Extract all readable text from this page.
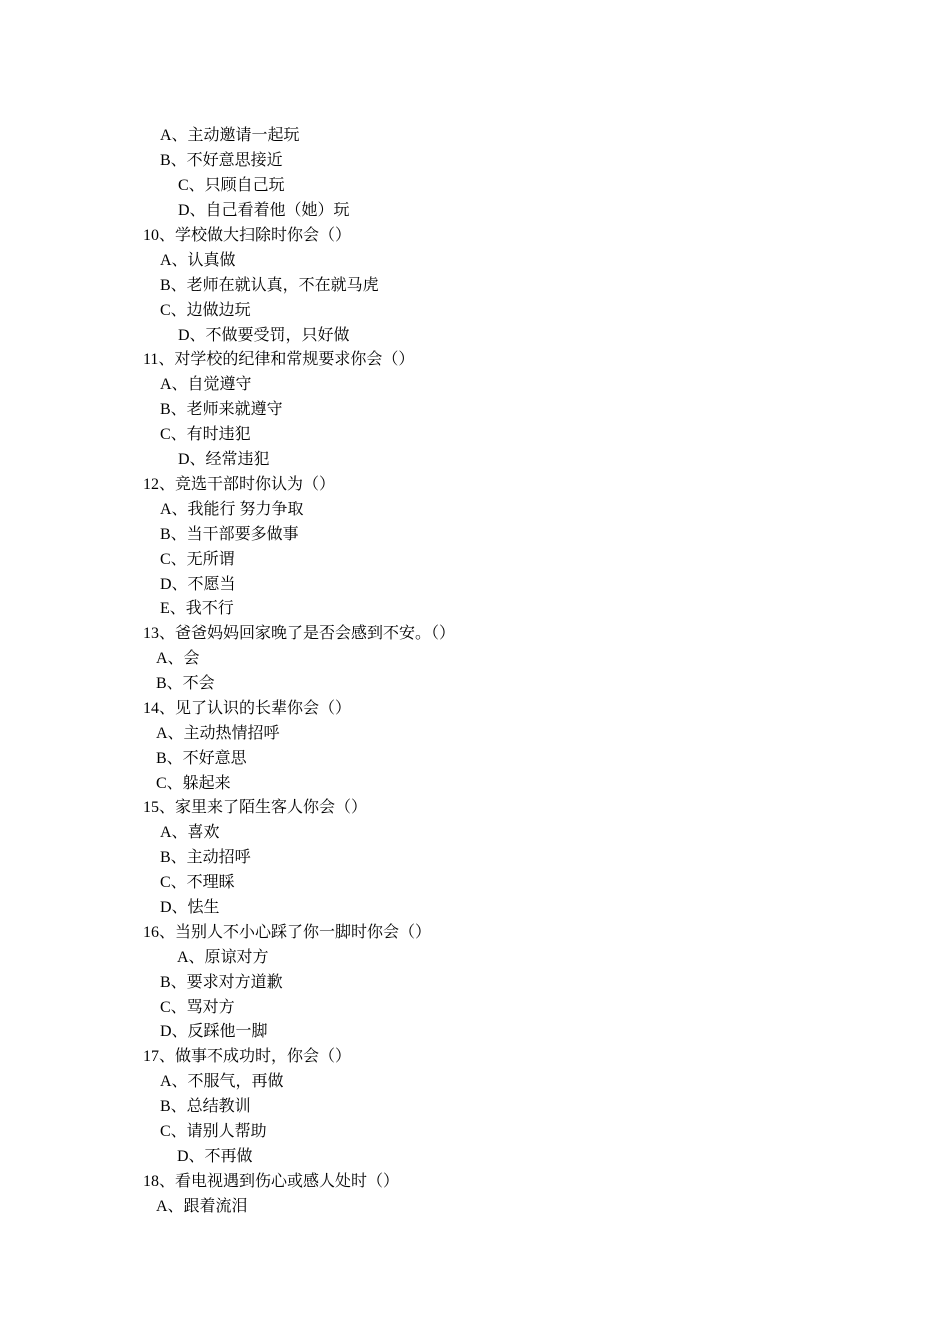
A、主动邀请一起玩
B、不好意思接近
C、只顾自己玩
D、自己看着他（她）玩
10、学校做大扫除时你会（）
A、认真做
B、老师在就认真，不在就马虎
C、边做边玩
D、不做要受罚，只好做
11、对学校的纪律和常规要求你会（）
A、自觉遵守
B、老师来就遵守
C、有时违犯
D、经常违犯
12、竞选干部时你认为（）
A、我能行 努力争取
B、当干部要多做事
C、无所谓
D、不愿当
E、我不行
13、爸爸妈妈回家晚了是否会感到不安。（）
A、会
B、不会
14、见了认识的长辈你会（）
A、主动热情招呼
B、不好意思
C、躲起来
15、家里来了陌生客人你会（）
A、喜欢
B、主动招呼
C、不理睬
D、怯生
16、当别人不小心踩了你一脚时你会（）
A、原谅对方
B、要求对方道歉
C、骂对方
D、反踩他一脚
17、做事不成功时，你会（）
A、不服气，再做
B、总结教训
C、请别人帮助
D、不再做
18、看电视遇到伤心或感人处时（）
A、跟着流泪
